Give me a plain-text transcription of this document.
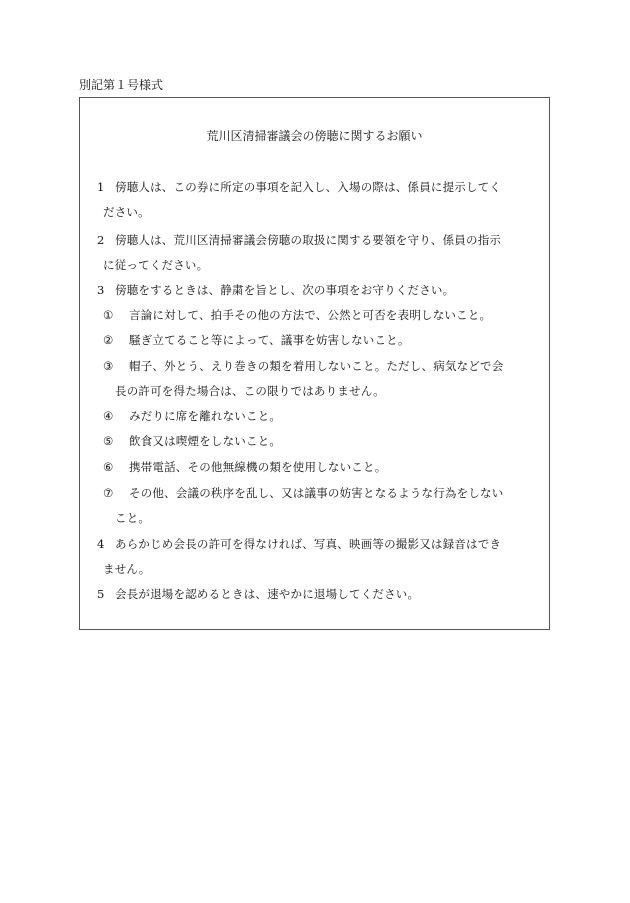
別記第１号様式
荒川区清掃審議会の傍聴に関するお願い
1 傍聴人は、この券に所定の事項を記入し、入場の際は、係員に提示してく
ださい。
2 傍聴人は、荒川区清掃審議会傍聴の取扱に関する要領を守り、係員の指示
に従ってください。
3 傍聴をするときは、静粛を旨とし、次の事項をお守りください。
① 言論に対して、拍手その他の方法で、公然と可否を表明しないこと。
② 騒ぎ立てること等によって、議事を妨害しないこと。
③ 帽子、外とう、えり巻きの類を着用しないこと。ただし、病気などで会
長の許可を得た場合は、この限りではありません。
④ みだりに席を離れないこと。
⑤ 飲食又は喫煙をしないこと。
⑥ 携帯電話、その他無線機の類を使用しないこと。
⑦ その他、会議の秩序を乱し、又は議事の妨害となるような行為をしない
こと。
4 あらかじめ会長の許可を得なければ、写真、映画等の撮影又は録音はでき
ません。
5 会長が退場を認めるときは、速やかに退場してください。
